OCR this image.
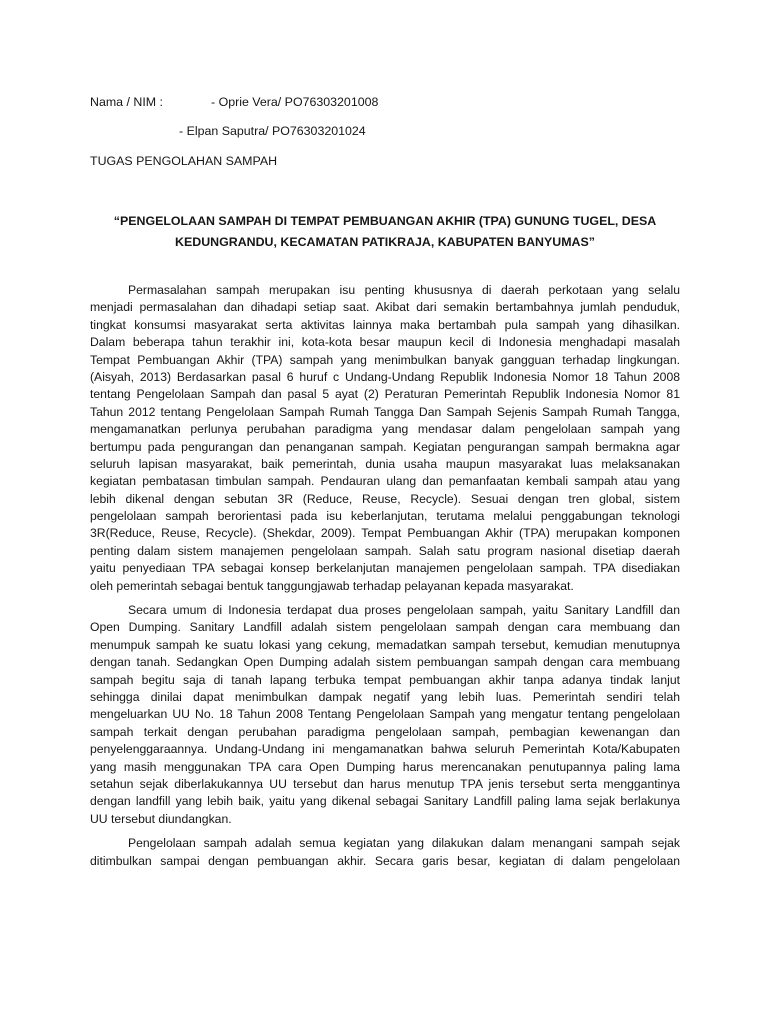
Nama / NIM :	- Oprie Vera/ PO76303201008
- Elpan Saputra/ PO76303201024
TUGAS PENGOLAHAN SAMPAH
“PENGELOLAAN SAMPAH DI TEMPAT PEMBUANGAN AKHIR (TPA) GUNUNG TUGEL, DESA
KEDUNGRANDU, KECAMATAN PATIKRAJA, KABUPATEN BANYUMAS”
Permasalahan sampah merupakan isu penting khususnya di daerah perkotaan yang selalu
menjadi permasalahan dan dihadapi setiap saat. Akibat dari semakin bertambahnya jumlah penduduk,
tingkat konsumsi masyarakat serta aktivitas lainnya maka bertambah pula sampah yang dihasilkan.
Dalam beberapa tahun terakhir ini, kota-kota besar maupun kecil di Indonesia menghadapi masalah
Tempat Pembuangan Akhir (TPA) sampah yang menimbulkan banyak gangguan terhadap lingkungan.
(Aisyah, 2013) Berdasarkan pasal 6 huruf c Undang-Undang Republik Indonesia Nomor 18 Tahun 2008
tentang Pengelolaan Sampah dan pasal 5 ayat (2) Peraturan Pemerintah Republik Indonesia Nomor 81
Tahun 2012 tentang Pengelolaan Sampah Rumah Tangga Dan Sampah Sejenis Sampah Rumah Tangga,
mengamanatkan perlunya perubahan paradigma yang mendasar dalam pengelolaan sampah yang
bertumpu pada pengurangan dan penanganan sampah. Kegiatan pengurangan sampah bermakna agar
seluruh lapisan masyarakat, baik pemerintah, dunia usaha maupun masyarakat luas melaksanakan
kegiatan pembatasan timbulan sampah. Pendauran ulang dan pemanfaatan kembali sampah atau yang
lebih dikenal dengan sebutan 3R (Reduce, Reuse, Recycle). Sesuai dengan tren global, sistem
pengelolaan sampah berorientasi pada isu keberlanjutan, terutama melalui penggabungan teknologi
3R(Reduce, Reuse, Recycle). (Shekdar, 2009). Tempat Pembuangan Akhir (TPA) merupakan komponen
penting dalam sistem manajemen pengelolaan sampah. Salah satu program nasional disetiap daerah
yaitu penyediaan TPA sebagai konsep berkelanjutan manajemen pengelolaan sampah. TPA disediakan
oleh pemerintah sebagai bentuk tanggungjawab terhadap pelayanan kepada masyarakat.
Secara umum di Indonesia terdapat dua proses pengelolaan sampah, yaitu Sanitary Landfill dan
Open Dumping. Sanitary Landfill adalah sistem pengelolaan sampah dengan cara membuang dan
menumpuk sampah ke suatu lokasi yang cekung, memadatkan sampah tersebut, kemudian menutupnya
dengan tanah. Sedangkan Open Dumping adalah sistem pembuangan sampah dengan cara membuang
sampah begitu saja di tanah lapang terbuka tempat pembuangan akhir tanpa adanya tindak lanjut
sehingga dinilai dapat menimbulkan dampak negatif yang lebih luas. Pemerintah sendiri telah
mengeluarkan UU No. 18 Tahun 2008 Tentang Pengelolaan Sampah yang mengatur tentang pengelolaan
sampah terkait dengan perubahan paradigma pengelolaan sampah, pembagian kewenangan dan
penyelenggaraannya. Undang-Undang ini mengamanatkan bahwa seluruh Pemerintah Kota/Kabupaten
yang masih menggunakan TPA cara Open Dumping harus merencanakan penutupannya paling lama
setahun sejak diberlakukannya UU tersebut dan harus menutup TPA jenis tersebut serta menggantinya
dengan landfill yang lebih baik, yaitu yang dikenal sebagai Sanitary Landfill paling lama sejak berlakunya
UU tersebut diundangkan.
Pengelolaan sampah adalah semua kegiatan yang dilakukan dalam menangani sampah sejak
ditimbulkan sampai dengan pembuangan akhir. Secara garis besar, kegiatan di dalam pengelolaan
